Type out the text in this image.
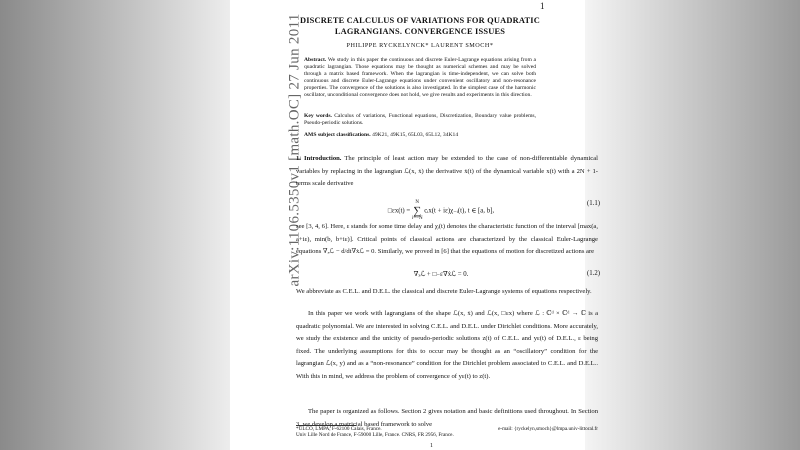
arXiv:1106.5350v1 [math.OC] 27 Jun 2011
1
DISCRETE CALCULUS OF VARIATIONS FOR QUADRATIC
LAGRANGIANS. CONVERGENCE ISSUES
PHILIPPE RYCKELYNCK* LAURENT SMOCH*
Abstract. We study in this paper the continuous and discrete Euler-Lagrange equations arising from a quadratic lagrangian. Those equations may be thought as numerical schemes and may be solved through a matrix based framework. When the lagrangian is time-independent, we can solve both continuous and discrete Euler-Lagrange equations under convenient oscillatory and non-resonance properties. The convergence of the solutions is also investigated. In the simplest case of the harmonic oscillator, unconditional convergence does not hold, we give results and experiments in this direction.
Key words. Calculus of variations, Functional equations, Discretization, Boundary value problems, Pseudo-periodic solutions.
AMS subject classifications. 49K21, 49K15, 65L03, 65L12, 34K14
1. Introduction. The principle of least action may be extended to the case of non-differentiable dynamical variables by replacing in the lagrangian ℒ(x, ẋ) the derivative ẋ(t) of the dynamical variable x(t) with a 2N + 1-terms scale derivative
□εx(t) = N
∑
i=−N cᵢx(t + iε)χ₋ᵢ(t), t ∈ [a, b],
(1.1)
see [3, 4, 6]. Here, ε stands for some time delay and χᵢ(t) denotes the characteristic function of the interval [max(a, a+iε), min(b, b+iε)]. Critical points of classical actions are characterized by the classical Euler-Lagrange equations ∇ₓℒ − d/dt∇ẋℒ = 0. Similarly, we proved in [6] that the equations of motion for discretized actions are
∇ₓℒ + □₋ε∇ẋℒ = 0.	(1.2)
We abbreviate as C.E.L. and D.E.L. the classical and discrete Euler-Lagrange systems of equations respectively.
In this paper we work with lagrangians of the shape ℒ(x, ẋ) and ℒ(x, □εx) where ℒ : ℂᵈ × ℂᵈ → ℂ is a quadratic polynomial. We are interested in solving C.E.L. and D.E.L. under Dirichlet conditions. More accurately, we study the existence and the unicity of pseudo-periodic solutions z(t) of C.E.L. and yε(t) of D.E.L., ε being fixed. The underlying assumptions for this to occur may be thought as an “oscillatory” condition for the lagrangian ℒ(x, y) and as a “non-resonance” condition for the Dirichlet problem associated to C.E.L. and D.E.L.. With this in mind, we address the problem of convergence of yε(t) to z(t).
The paper is organized as follows. Section 2 gives notation and basic definitions used throughout. In Section 3, we develop a matricial based framework to solve
*ULCO, LMPA, F-62100 Calais, France.	e-mail: {ryckelyn,smoch}@lmpa.univ-littoral.fr
Univ Lille Nord de France, F-59000 Lille, France. CNRS, FR 2956, France.
1
